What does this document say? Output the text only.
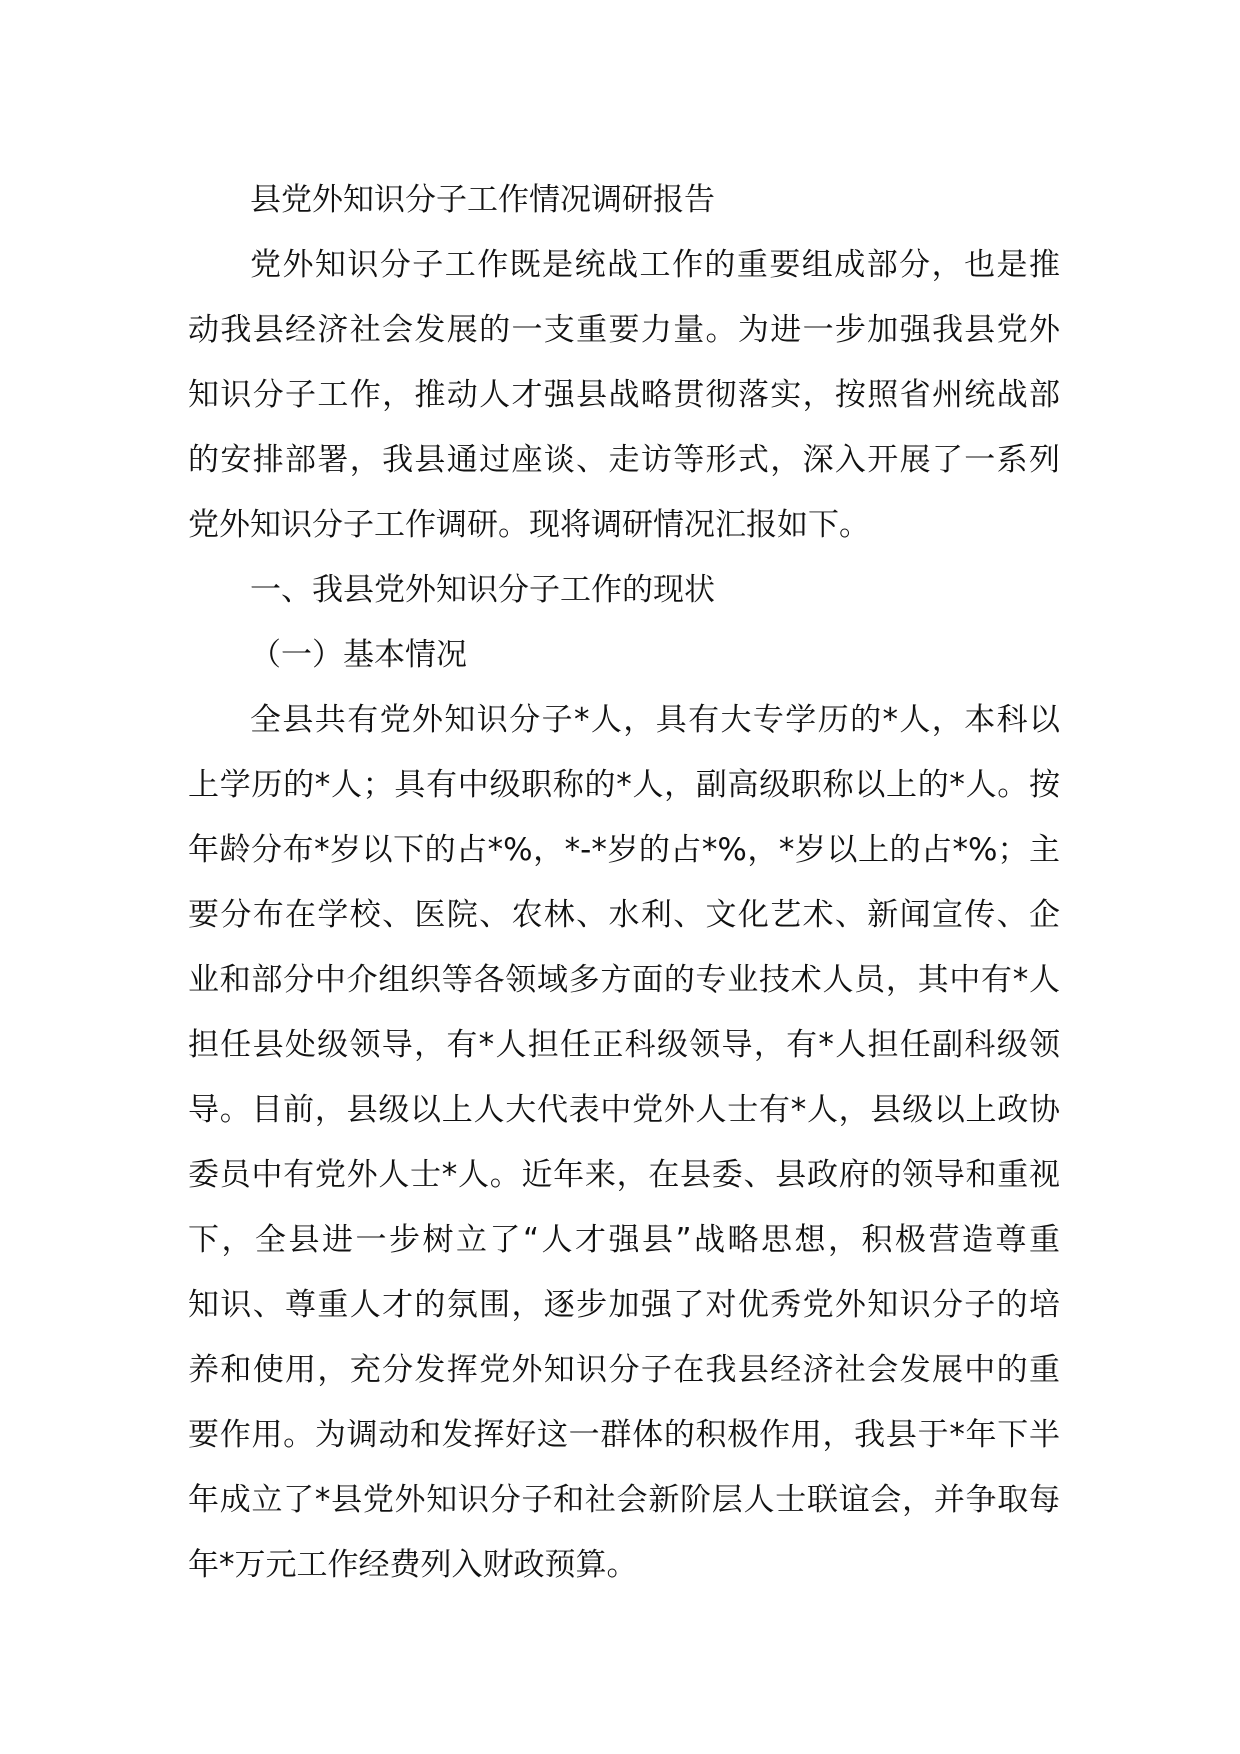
县党外知识分子工作情况调研报告
党外知识分子工作既是统战工作的重要组成部分，也是推
动我县经济社会发展的一支重要力量。为进一步加强我县党外
知识分子工作，推动人才强县战略贯彻落实，按照省州统战部
的安排部署，我县通过座谈、走访等形式，深入开展了一系列
党外知识分子工作调研。现将调研情况汇报如下。
一、我县党外知识分子工作的现状
（一）基本情况
全县共有党外知识分子*人，具有大专学历的*人，本科以
上学历的*人；具有中级职称的*人，副高级职称以上的*人。按
年龄分布*岁以下的占*%，*-*岁的占*%，*岁以上的占*%；主
要分布在学校、医院、农林、水利、文化艺术、新闻宣传、企
业和部分中介组织等各领域多方面的专业技术人员，其中有*人
担任县处级领导，有*人担任正科级领导，有*人担任副科级领
导。目前，县级以上人大代表中党外人士有*人，县级以上政协
委员中有党外人士*人。近年来，在县委、县政府的领导和重视
下，全县进一步树立了“人才强县”战略思想，积极营造尊重
知识、尊重人才的氛围，逐步加强了对优秀党外知识分子的培
养和使用，充分发挥党外知识分子在我县经济社会发展中的重
要作用。为调动和发挥好这一群体的积极作用，我县于*年下半
年成立了*县党外知识分子和社会新阶层人士联谊会，并争取每
年*万元工作经费列入财政预算。
